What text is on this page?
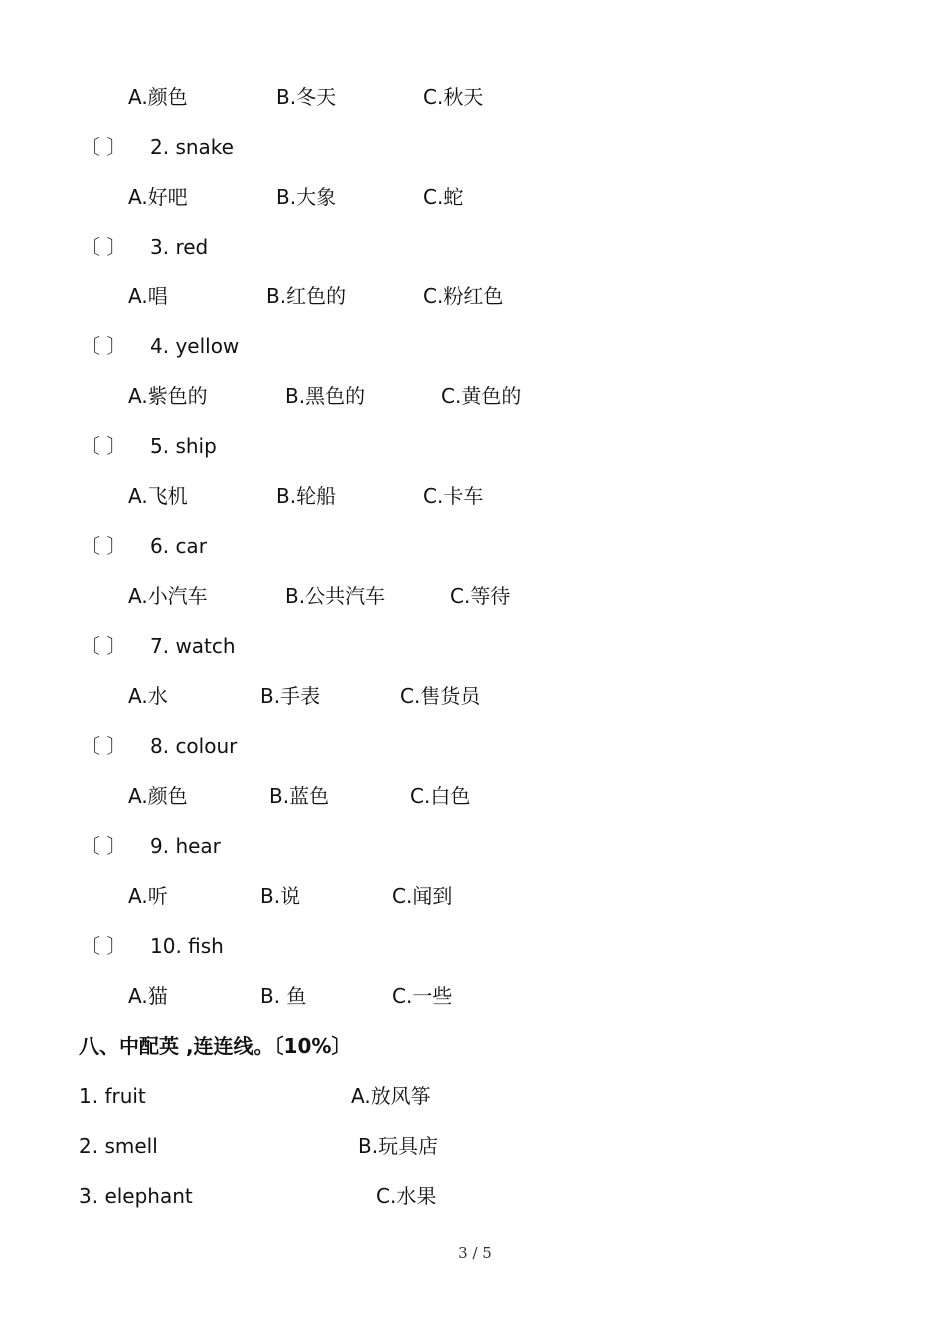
A.颜色	B.冬天	C.秋天
〔 〕 2. snake
A.好吧	B.大象	C.蛇
〔 〕 3. red
A.唱	B.红色的	C.粉红色
〔 〕 4. yellow
A.紫色的	B.黑色的	C.黄色的
〔 〕 5. ship
A.飞机	B.轮船	C.卡车
〔 〕 6. car
A.小汽车	B.公共汽车	C.等待
〔 〕 7. watch
A.水	B.手表	C.售货员
〔 〕 8. colour
A.颜色	B.蓝色	C.白色
〔 〕 9. hear
A.听	B.说	C.闻到
〔 〕 10. fish
A.猫	B. 鱼	C.一些
八、中配英 ,连连线。〔10%〕
1. fruit	A.放风筝
2. smell	B.玩具店
3. elephant	C.水果
3 / 5
